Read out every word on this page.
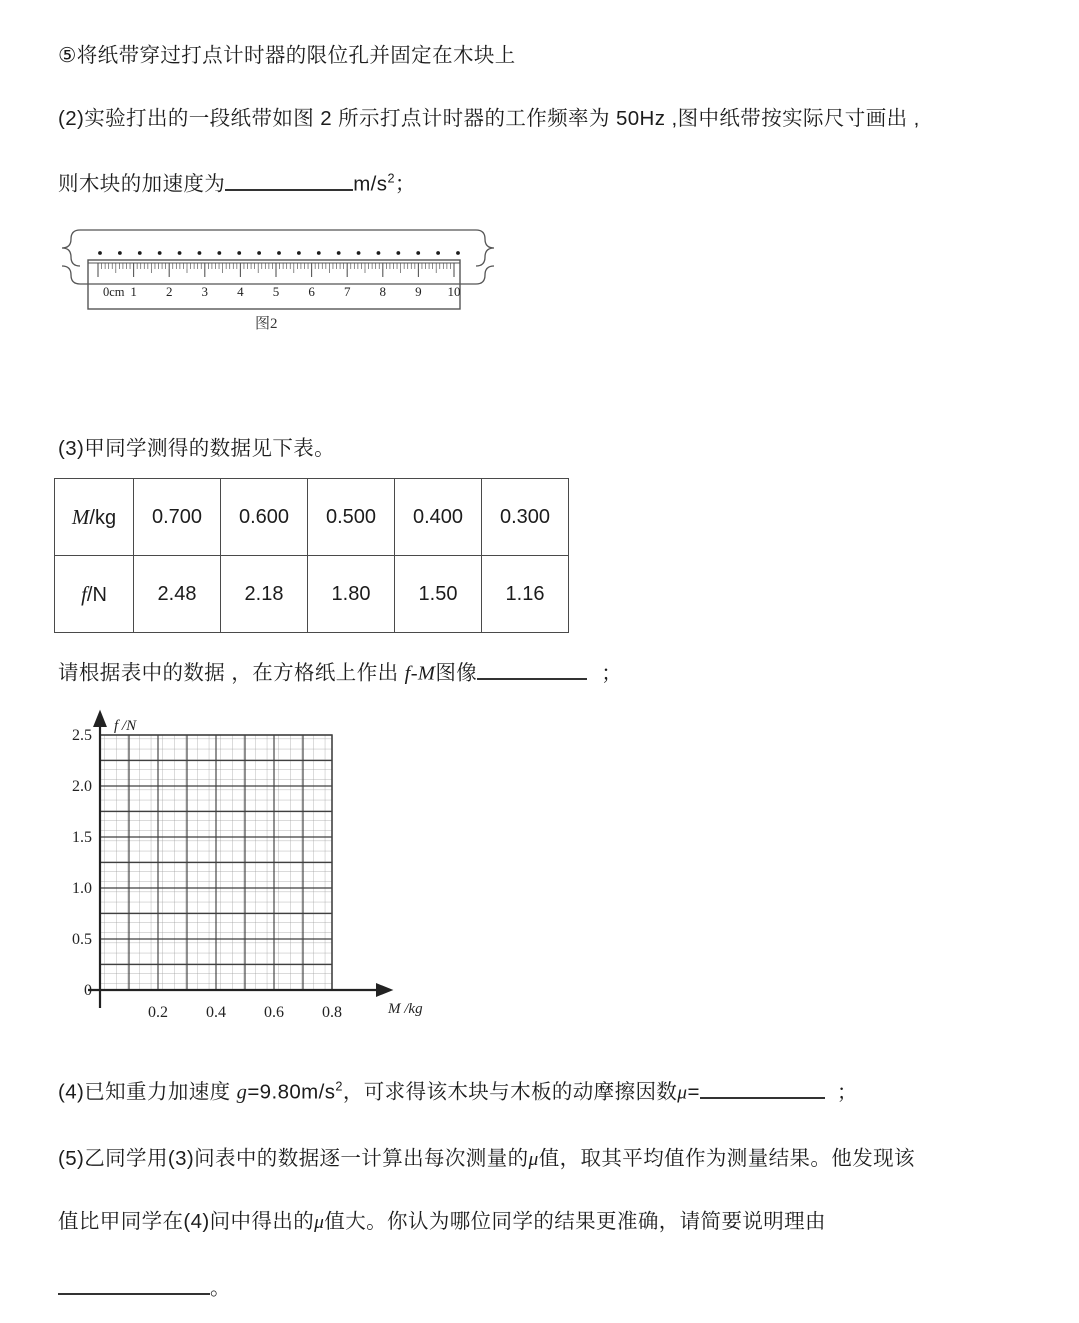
⑤将纸带穿过打点计时器的限位孔并固定在木块上
(2)实验打出的一段纸带如图 2 所示打点计时器的工作频率为 50Hz ,图中纸带按实际尺寸画出 ,
则木块的加速度为	$m/s^2$；
0cm 1 2 3 4 5 6 7 8 9 10
图2
(3)甲同学测得的数据见下表。
M/kg	0.700	0.600	0.500	0.400	0.300
f/N	2.48	2.18	1.80	1.50	1.16
请根据表中的数据 ，在方格纸上作出 f-M图像	；
f /N
M /kg
0
0.5
1.0
1.5
2.0
2.5
0.2 0.4 0.6 0.8
(4)已知重力加速度 $g=9.80m/s^2$，可求得该木块与木板的动摩擦因数μ=	；
(5)乙同学用(3)问表中的数据逐一计算出每次测量的μ值，取其平均值作为测量结果。他发现该
值比甲同学在(4)问中得出的μ值大。你认为哪位同学的结果更准确，请简要说明理由
。
